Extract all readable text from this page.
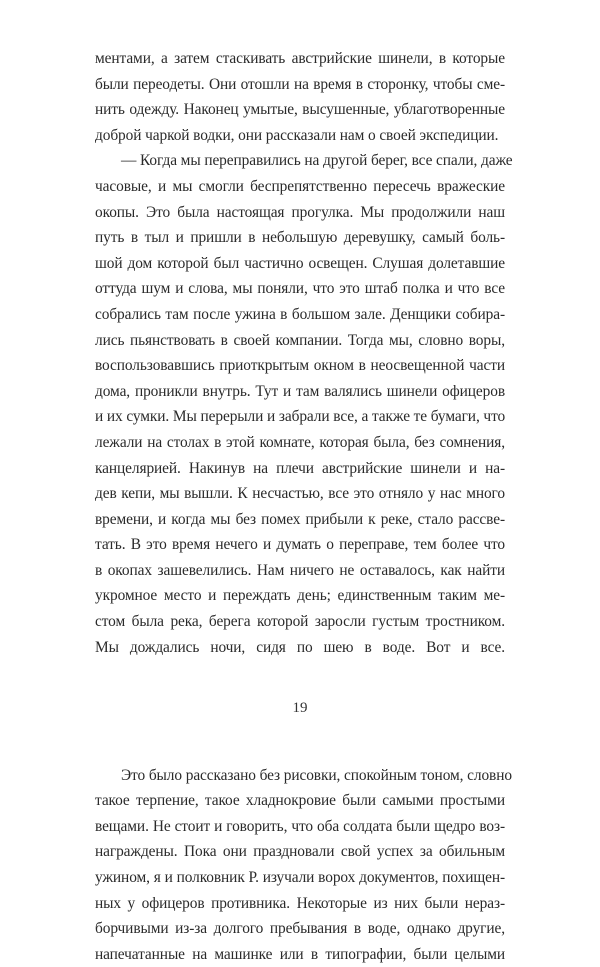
ментами, а затем стаскивать австрийские шинели, в которые
были переодеты. Они отошли на время в сторонку, чтобы сме-
нить одежду. Наконец умытые, высушенные, ублаготворенные
доброй чаркой водки, они рассказали нам о своей экспедиции.
— Когда мы переправились на другой берег, все спали, даже
часовые, и мы смогли беспрепятственно пересечь вражеские
окопы. Это была настоящая прогулка. Мы продолжили наш
путь в тыл и пришли в небольшую деревушку, самый боль-
шой дом которой был частично освещен. Слушая долетавшие
оттуда шум и слова, мы поняли, что это штаб полка и что все
собрались там после ужина в большом зале. Денщики собира-
лись пьянствовать в своей компании. Тогда мы, словно воры,
воспользовавшись приоткрытым окном в неосвещенной части
дома, проникли внутрь. Тут и там валялись шинели офицеров
и их сумки. Мы перерыли и забрали все, а также те бумаги, что
лежали на столах в этой комнате, которая была, без сомнения,
канцелярией. Накинув на плечи австрийские шинели и на-
дев кепи, мы вышли. К несчастью, все это отняло у нас много
времени, и когда мы без помех прибыли к реке, стало рассве-
тать. В это время нечего и думать о переправе, тем более что
в окопах зашевелились. Нам ничего не оставалось, как найти
укромное место и переждать день; единственным таким ме-
стом была река, берега которой заросли густым тростником.
Мы дождались ночи, сидя по шею в воде. Вот и все.
Это было рассказано без рисовки, спокойным тоном, словно
такое терпение, такое хладнокровие были самыми простыми
вещами. Не стоит и говорить, что оба солдата были щедро воз-
награждены. Пока они праздновали свой успех за обильным
ужином, я и полковник Р. изучали ворох документов, похищен-
ных у офицеров противника. Некоторые из них были нераз-
борчивыми из-за долгого пребывания в воде, однако другие,
напечатанные на машинке или в типографии, были целыми
19
